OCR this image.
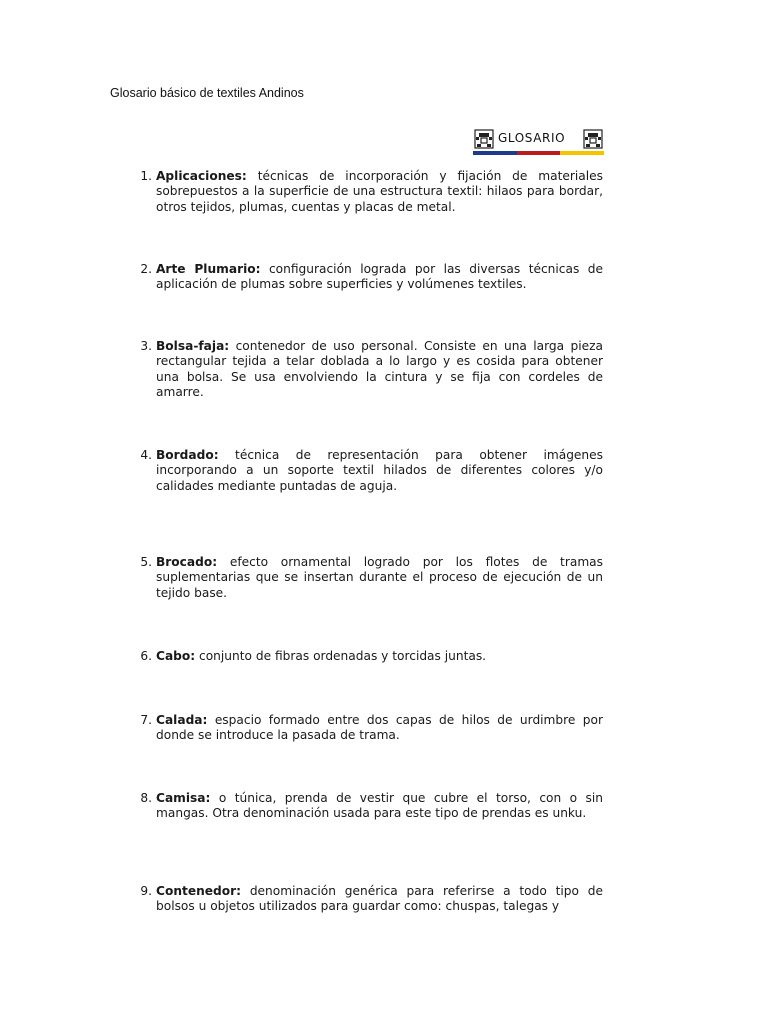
Glosario básico de textiles Andinos
GLOSARIO
1. Aplicaciones: técnicas de incorporación y fijación de materiales sobrepuestos a la superficie de una estructura textil: hilaos para bordar, otros tejidos, plumas, cuentas y placas de metal.
2. Arte Plumario: configuración lograda por las diversas técnicas de aplicación de plumas sobre superficies y volúmenes textiles.
3. Bolsa-faja: contenedor de uso personal. Consiste en una larga pieza rectangular tejida a telar doblada a lo largo y es cosida para obtener una bolsa. Se usa envolviendo la cintura y se fija con cordeles de amarre.
4. Bordado: técnica de representación para obtener imágenes incorporando a un soporte textil hilados de diferentes colores y/o calidades mediante puntadas de aguja.
5. Brocado: efecto ornamental logrado por los flotes de tramas suplementarias que se insertan durante el proceso de ejecución de un tejido base.
6. Cabo: conjunto de fibras ordenadas y torcidas juntas.
7. Calada: espacio formado entre dos capas de hilos de urdimbre por donde se introduce la pasada de trama.
8. Camisa: o túnica, prenda de vestir que cubre el torso, con o sin mangas. Otra denominación usada para este tipo de prendas es unku.
9. Contenedor: denominación genérica para referirse a todo tipo de bolsos u objetos utilizados para guardar como: chuspas, talegas y
